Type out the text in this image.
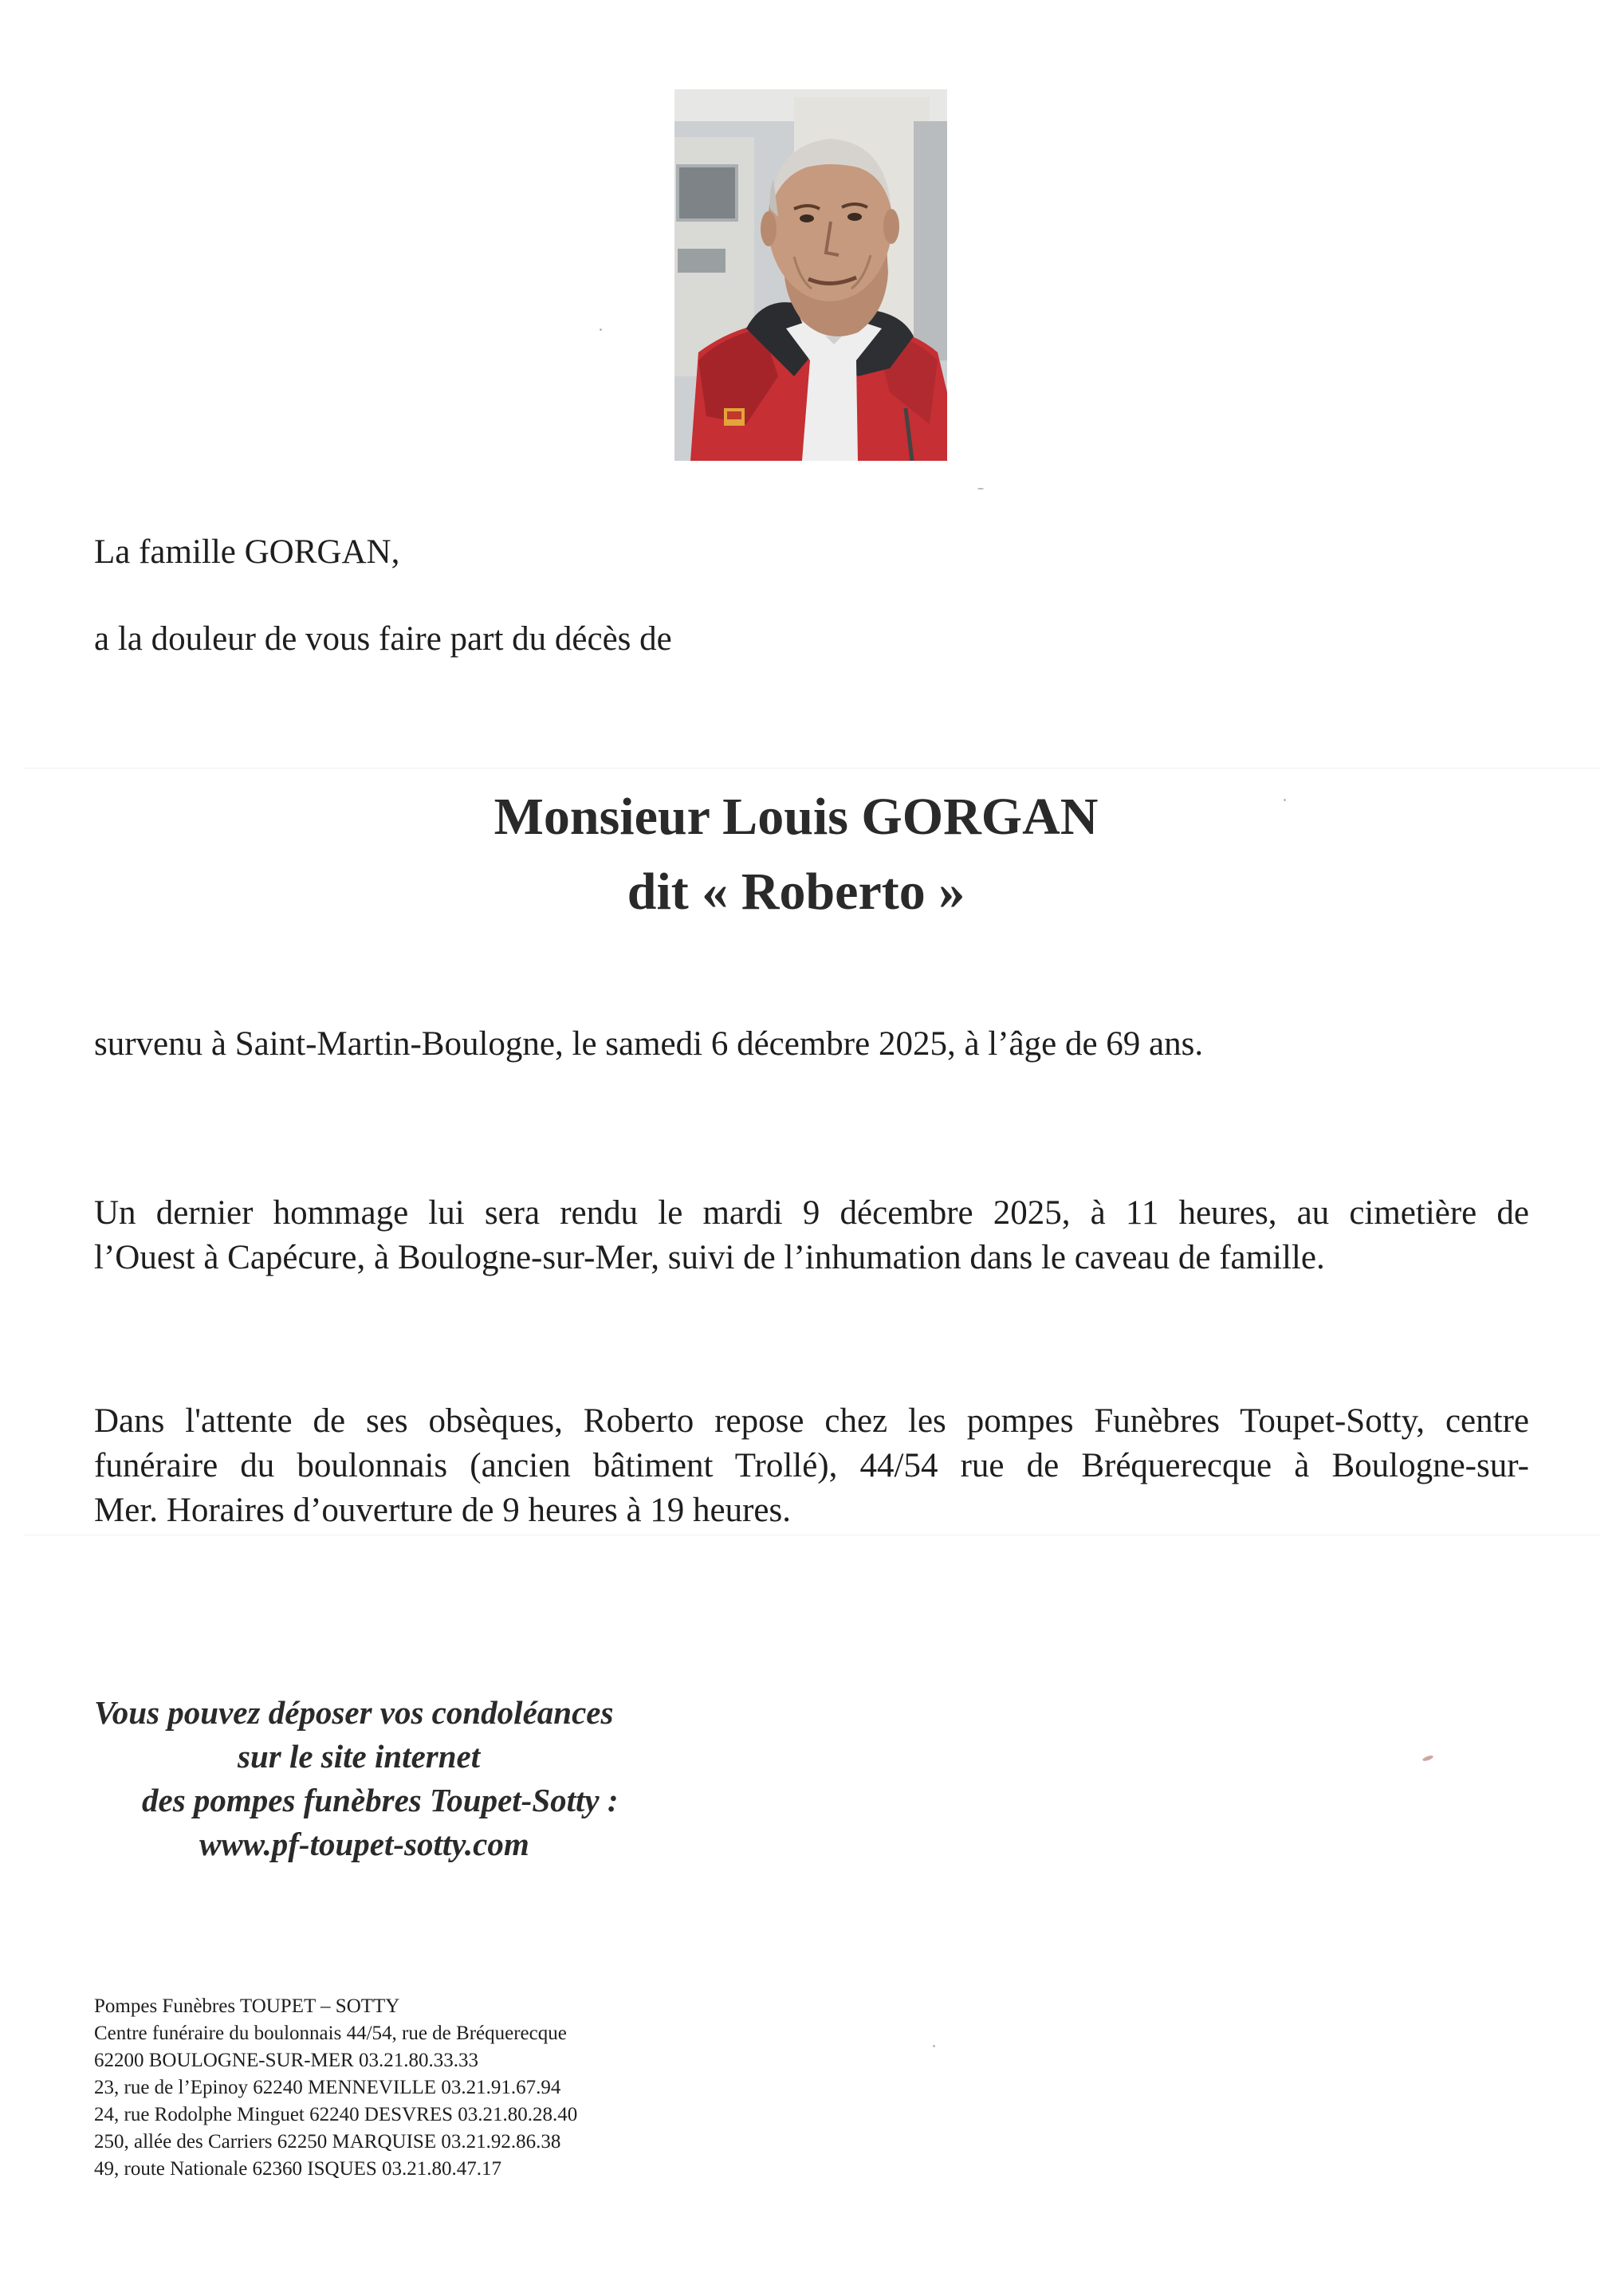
La famille GORGAN,
a la douleur de vous faire part du décès de
Monsieur Louis GORGAN
dit « Roberto »
survenu à Saint-Martin-Boulogne, le samedi 6 décembre 2025, à l’âge de 69 ans.
Un dernier hommage lui sera rendu le mardi 9 décembre 2025, à 11 heures, au cimetière de
l’Ouest à Capécure, à Boulogne-sur-Mer, suivi de l’inhumation dans le caveau de famille.
Dans l'attente de ses obsèques, Roberto repose chez les pompes Funèbres Toupet-Sotty, centre
funéraire du boulonnais (ancien bâtiment Trollé), 44/54 rue de Bréquerecque à Boulogne-sur-
Mer. Horaires d’ouverture de 9 heures à 19 heures.
Vous pouvez déposer vos condoléances
sur le site internet
des pompes funèbres Toupet-Sotty :
www.pf-toupet-sotty.com
Pompes Funèbres TOUPET – SOTTY
Centre funéraire du boulonnais 44/54, rue de Bréquerecque
62200 BOULOGNE-SUR-MER 03.21.80.33.33
23, rue de l’Epinoy 62240 MENNEVILLE 03.21.91.67.94
24, rue Rodolphe Minguet 62240 DESVRES 03.21.80.28.40
250, allée des Carriers 62250 MARQUISE 03.21.92.86.38
49, route Nationale 62360 ISQUES 03.21.80.47.17
